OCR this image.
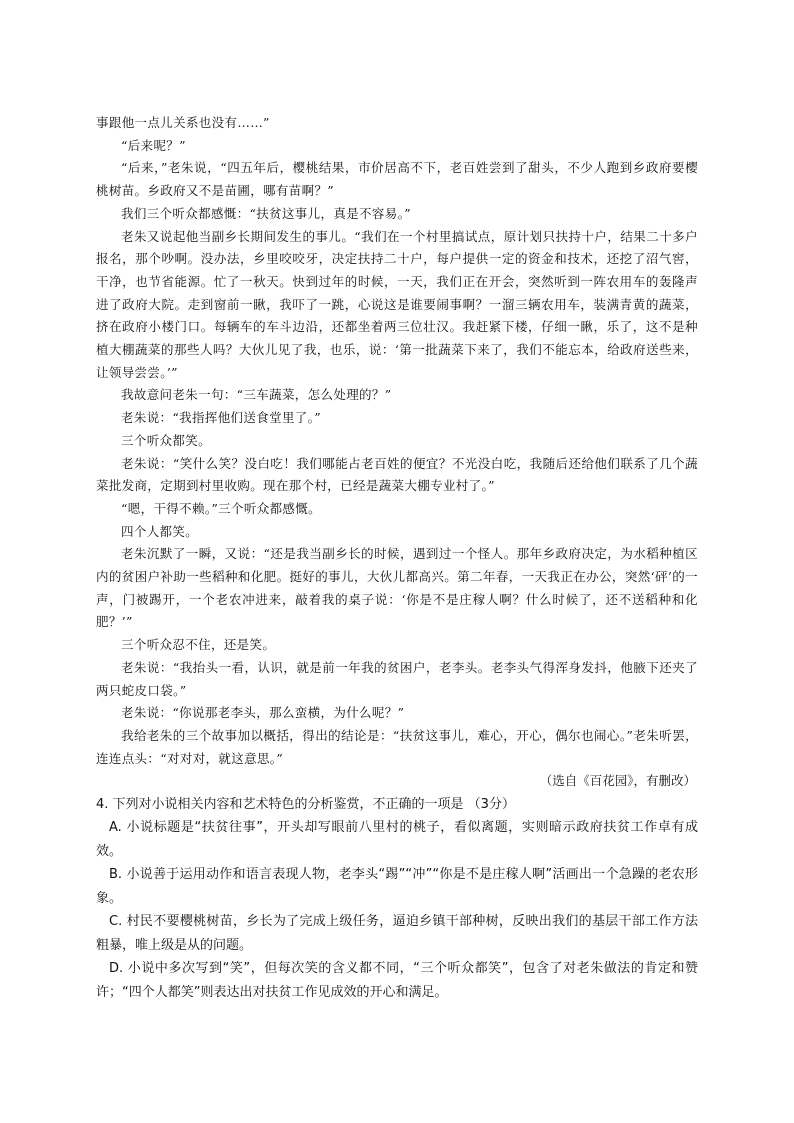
事跟他一点儿关系也没有……”

“后来呢？”

“后来，”老朱说，“四五年后，樱桃结果，市价居高不下，老百姓尝到了甜头，不少人跑到乡政府要樱桃树苗。乡政府又不是苗圃，哪有苗啊？”

我们三个听众都感慨：“扶贫这事儿，真是不容易。”

老朱又说起他当副乡长期间发生的事儿。“我们在一个村里搞试点，原计划只扶持十户，结果二十多户报名，那个吵啊。没办法，乡里咬咬牙，决定扶持二十户，每户提供一定的资金和技术，还挖了沼气窖，干净，也节省能源。忙了一秋天。快到过年的时候，一天，我们正在开会，突然听到一阵农用车的轰隆声进了政府大院。走到窗前一瞅，我吓了一跳，心说这是谁要闹事啊？一溜三辆农用车，装满青黄的蔬菜，挤在政府小楼门口。每辆车的车斗边沿，还都坐着两三位壮汉。我赶紧下楼，仔细一瞅，乐了，这不是种植大棚蔬菜的那些人吗？大伙儿见了我，也乐，说：‘第一批蔬菜下来了，我们不能忘本，给政府送些来，让领导尝尝。’”

我故意问老朱一句：“三车蔬菜，怎么处理的？”

老朱说：“我指挥他们送食堂里了。”

三个听众都笑。

老朱说：“笑什么笑？没白吃！我们哪能占老百姓的便宜？不光没白吃，我随后还给他们联系了几个蔬菜批发商，定期到村里收购。现在那个村，已经是蔬菜大棚专业村了。”

“嗯，干得不赖。”三个听众都感慨。

四个人都笑。

老朱沉默了一瞬，又说：“还是我当副乡长的时候，遇到过一个怪人。那年乡政府决定，为水稻种植区内的贫困户补助一些稻种和化肥。挺好的事儿，大伙儿都高兴。第二年春，一天我正在办公，突然‘砰’的一声，门被踢开，一个老农冲进来，敲着我的桌子说：‘你是不是庄稼人啊？什么时候了，还不送稻种和化肥？’”

三个听众忍不住，还是笑。

老朱说：“我抬头一看，认识，就是前一年我的贫困户，老李头。老李头气得浑身发抖，他腋下还夹了两只蛇皮口袋。”

老朱说：“你说那老李头，那么蛮横，为什么呢？”

我给老朱的三个故事加以概括，得出的结论是：“扶贫这事儿，难心，开心，偶尔也闹心。”老朱听罢，连连点头：“对对对，就这意思。”

（选自《百花园》，有删改）

4. 下列对小说相关内容和艺术特色的分析鉴赏，不正确的一项是 （3分）

A. 小说标题是“扶贫往事”，开头却写眼前八里村的桃子，看似离题，实则暗示政府扶贫工作卓有成效。

B. 小说善于运用动作和语言表现人物，老李头“踢”“冲”“你是不是庄稼人啊”活画出一个急躁的老农形象。

C. 村民不要樱桃树苗，乡长为了完成上级任务，逼迫乡镇干部种树，反映出我们的基层干部工作方法粗暴，唯上级是从的问题。

D. 小说中多次写到“笑”，但每次笑的含义都不同，“三个听众都笑”，包含了对老朱做法的肯定和赞许；“四个人都笑”则表达出对扶贫工作见成效的开心和满足。
